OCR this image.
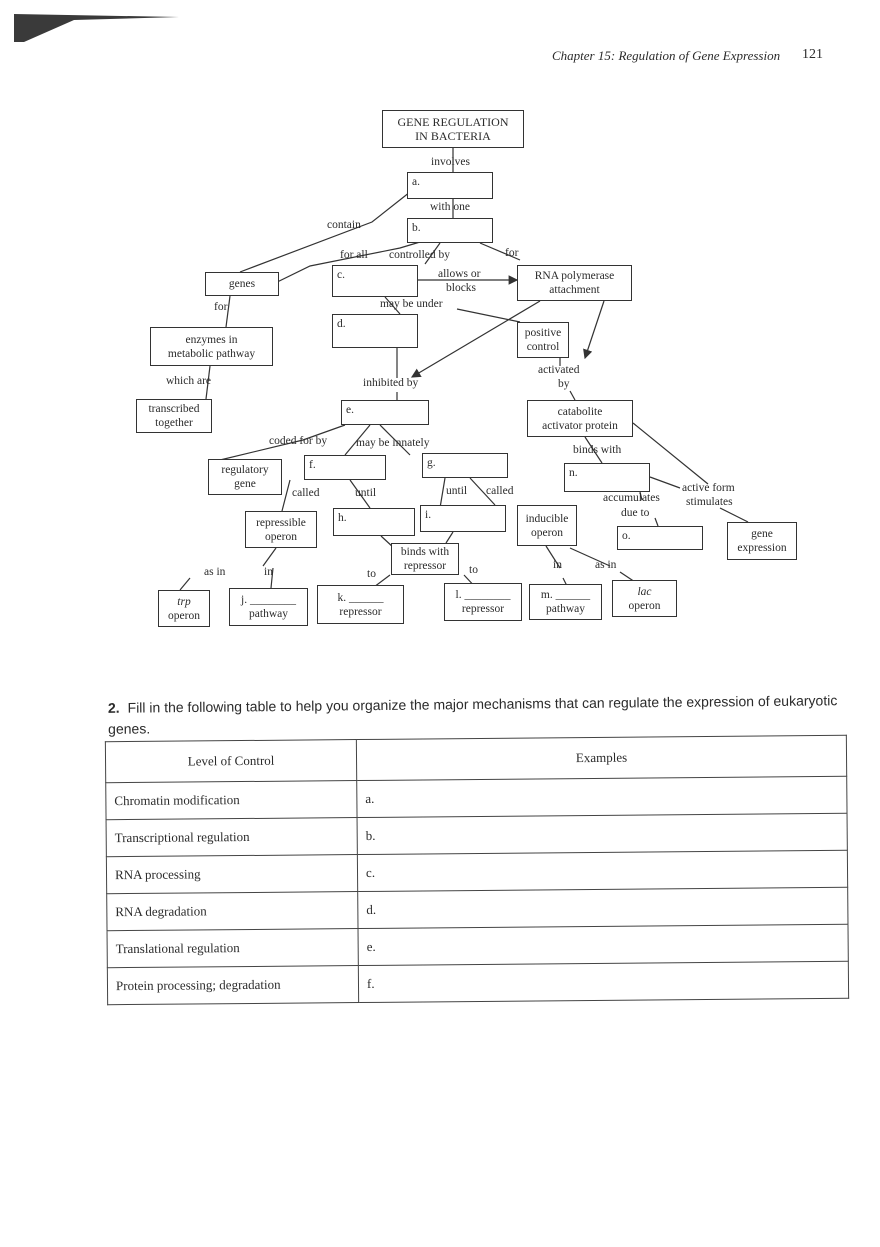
Chapter 15: Regulation of Gene Expression 121
GENE REGULATION
IN BACTERIA
a.
b.
genes
c.	RNA polymerase
attachment
enzymes in
metabolic pathway
d.
positive
control
transcribed
together
e.	catabolite
activator protein
regulatory
gene
f.	g.
n.
repressible
operon
h.	i.	inducible
operon	o.	gene
expression
binds with
repressor
trp
operon
j. ________
pathway
k. ______
repressor
l. ________
repressor
m. ______
pathway
lac
operon
involves
with one
contain
for all controlled by	for
allows or
blocks
may be under
for
which are	inhibited by
activated
by
coded for by	may be innately
binds with
called	until	until called	active form
accumulates stimulates
due to
as in	in	to	to	in	as in
2. Fill in the following table to help you organize the major mechanisms that can regulate the expression of eukaryotic genes.
Level of Control	Examples
Chromatin modification	a.
Transcriptional regulation	b.
RNA processing	c.
RNA degradation	d.
Translational regulation	e.
Protein processing; degradation	f.
